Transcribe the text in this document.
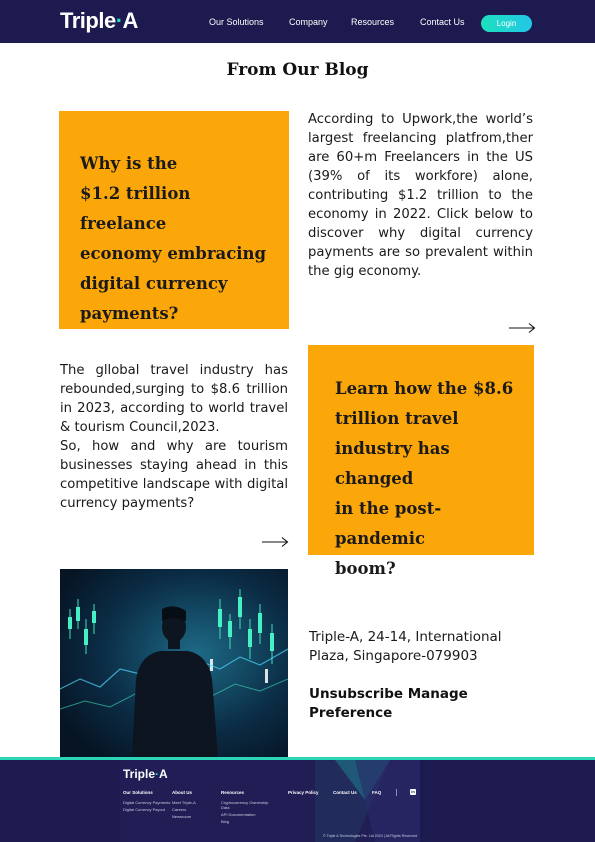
Triple·A	Our Solutions	Company	Resources	Contact Us	Login
From Our Blog
Why is the
$1.2 trillion freelance
economy embracing
digital currency
payments?

According to Upwork,the world’s largest freelancing platfrom,ther are 60+m Freelancers in the US (39% of its workfore) alone, contributing $1.2 trillion to the economy in 2022. Click below to discover why digital currency payments are so prevalent within the gig economy.

The gllobal travel industry has rebounded,surging to $8.6 trillion in 2023, according to world travel & tourism Council,2023.

So, how and why are tourism businesses staying ahead in this competitive landscape with digital currency payments?

Learn how the $8.6
trillion travel
industry has changed
in the post-pandemic
boom?
Triple-A, 24-14, International
Plaza, Singapore-079903
Unsubscribe Manage Preference
Triple·A
Our Solutions
Digital Currency Payments
Digital Currency Payout
About Us
Meet Triple-A
Careers
Newsroom
Resources
Cryptocurrency Ownership Data
API Documentation
Blog
Privacy Policy	Contact Us	FAQ	in
© Triple A Technologies Pte. Ltd 2024 | All Rights Reserved
